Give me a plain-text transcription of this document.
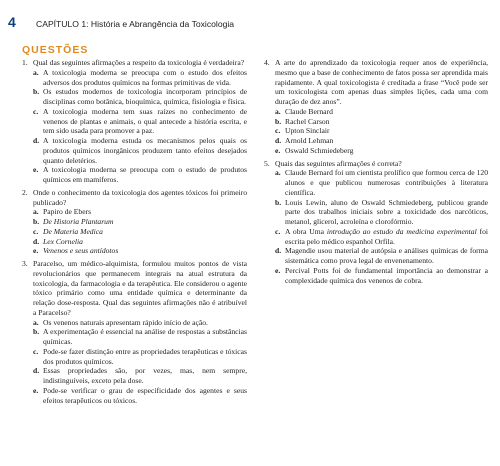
4	CAPÍTULO 1: História e Abrangência da Toxicologia
QUESTÕES
1. Qual das seguintes afirmações a respeito da toxicologia é verdadeira?
a. A toxicologia moderna se preocupa com o estudo dos efeitos adversos dos produtos químicos na formas primitivas de vida.
b. Os estudos modernos de toxicologia incorporam princípios de disciplinas como botânica, bioquímica, química, fisiologia e física.
c. A toxicologia moderna tem suas raízes no conhecimento de venenos de plantas e animais, o qual antecede a história escrita, e tem sido usada para promover a paz.
d. A toxicologia moderna estuda os mecanismos pelos quais os produtos químicos inorgânicos produzem tanto efeitos desejados quanto deletérios.
e. A toxicologia moderna se preocupa com o estudo de produtos químicos em mamíferos.
2. Onde o conhecimento da toxicologia dos agentes tóxicos foi primeiro publicado?
a. Papiro de Ebers
b. De Historia Plantarum
c. De Materia Medica
d. Lex Cornelia
e. Venenos e seus antídotos
3. Paracelso, um médico-alquimista, formulou muitos pontos de vista revolucionários que permanecem integrais na atual estrutura da toxicologia, da farmacologia e da terapêutica. Ele considerou o agente tóxico primário como uma entidade química e determinante da relação dose-resposta. Qual das seguintes afirmações não é atribuível a Paracelso?
a. Os venenos naturais apresentam rápido início de ação.
b. A experimentação é essencial na análise de respostas a substâncias químicas.
c. Pode-se fazer distinção entre as propriedades terapêuticas e tóxicas dos produtos químicos.
d. Essas propriedades são, por vezes, mas, nem sempre, indistinguíveis, exceto pela dose.
e. Pode-se verificar o grau de especificidade dos agentes e seus efeitos terapêuticos ou tóxicos.
4. A arte do aprendizado da toxicologia requer anos de experiência, mesmo que a base de conhecimento de fatos possa ser aprendida mais rapidamente. A qual toxicologista é creditada a frase “Você pode ser um toxicologista com apenas duas simples lições, cada uma com duração de dez anos”.
a. Claude Bernard
b. Rachel Carson
c. Upton Sinclair
d. Arnold Lehman
e. Oswald Schmiedeberg
5. Quais das seguintes afirmações é correta?
a. Claude Bernard foi um cientista prolífico que formou cerca de 120 alunos e que publicou numerosas contribuições à literatura científica.
b. Louis Lewin, aluno de Oswald Schmiedeberg, publicou grande parte dos trabalhos iniciais sobre a toxicidade dos narcóticos, metanol, glicerol, acroleína e clorofórmio.
c. A obra Uma introdução ao estudo da medicina experimental foi escrita pelo médico espanhol Orfila.
d. Magendie usou material de autópsia e análises químicas de forma sistemática como prova legal de envenenamento.
e. Percival Potts foi de fundamental importância ao demonstrar a complexidade química dos venenos de cobra.
